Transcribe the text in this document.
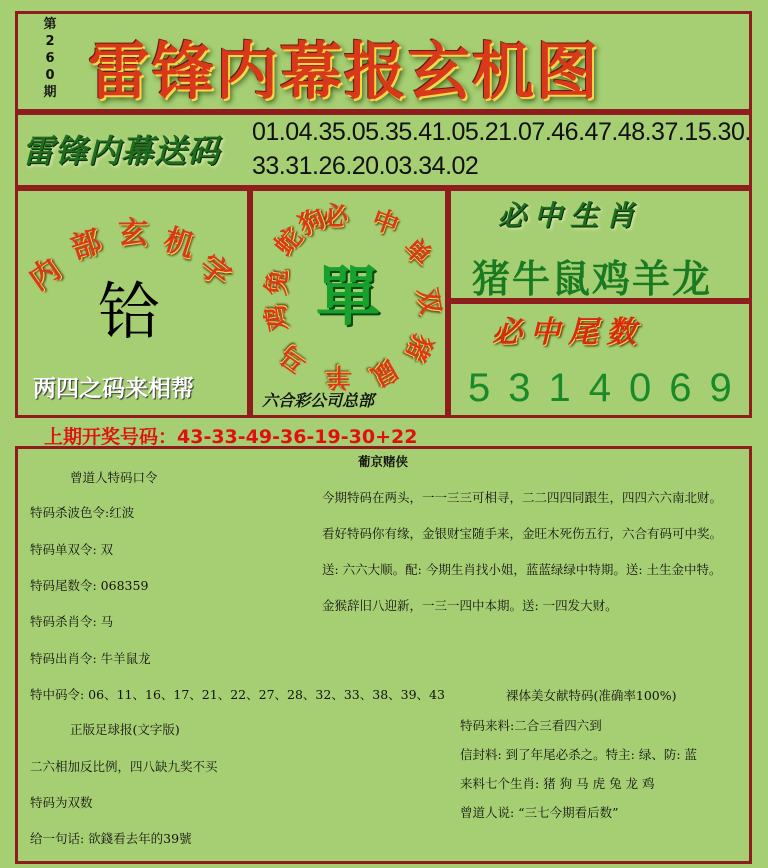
第
2
6
0
期 雷锋内幕报玄机图
雷锋内幕送码 01.04.35.05.35.41.05.21.07.46.47.48.37.15.30.
33.31.26.20.03.34.02
内
部 玄 机
字
铪
两四之码来相帮
必 中
单
双
猪
鼠
羊
马
鸡
兔
蛇
狗
單
六合彩公司总部
必中生肖
猪牛鼠鸡羊龙
必中尾数
5314069
上期开奖号码：43-33-49-36-19-30+22
曾道人特码口令
特码杀波色令:红波
特码单双令: 双
特码尾数令: 068359
特码杀肖令: 马
特码出肖令: 牛羊鼠龙
特中码令: 06、11、16、17、21、22、27、28、32、33、38、39、43
正版足球报(文字版)
二六相加反比例，四八缺九奖不买
特码为双数
给一句话: 欲錢看去年的39號
葡京赌侠
今期特码在两头，一一三三可相寻，二二四四同跟生，四四六六南北财。
看好特码你有缘，金银财宝随手来，金旺木死伤五行，六合有码可中奖。
送: 六六大顺。配: 今期生肖找小姐，蓝蓝绿绿中特期。送: 土生金中特。
金猴辞旧八迎新，一三一四中本期。送: 一四发大财。
裸体美女献特码(准确率100%)
特码来料:二合三看四六到
信封料: 到了年尾必杀之。特主: 绿、防: 蓝
来料七个生肖: 猪 狗 马 虎 兔 龙 鸡
曾道人说: “三七今期看后数”
